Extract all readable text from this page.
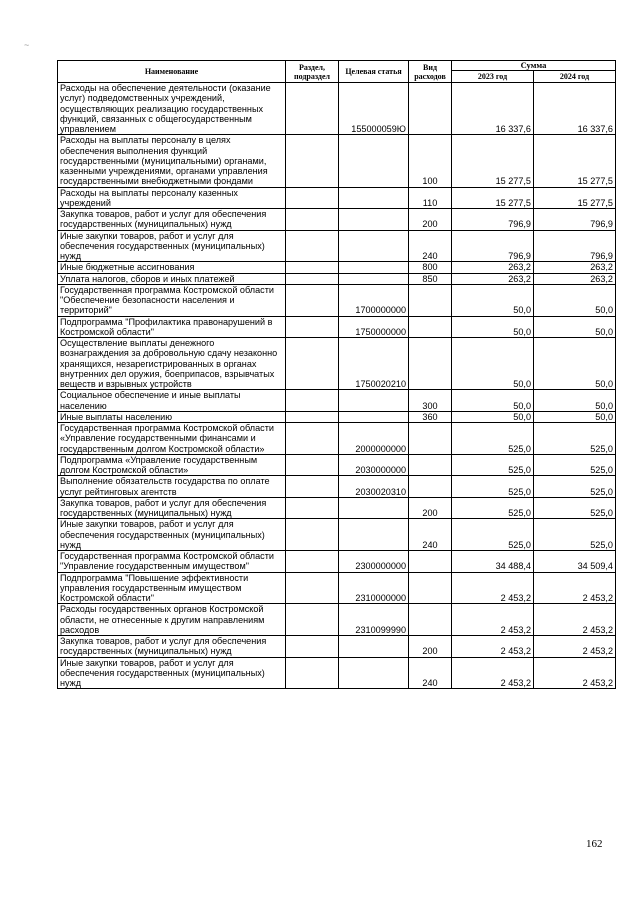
~
Наименование	Раздел, подраздел	Целевая статья	Вид расходов	Сумма	
				2023 год	2024 год
Расходы на обеспечение деятельности (оказание услуг) подведомственных учреждений, осуществляющих реализацию государственных функций, связанных с общегосударственным управлением		155000059Ю		16 337,6	16 337,6
Расходы на выплаты персоналу в целях обеспечения выполнения функций государственными (муниципальными) органами, казенными учреждениями, органами управления государственными внебюджетными фондами			100	15 277,5	15 277,5
Расходы на выплаты персоналу казенных учреждений			110	15 277,5	15 277,5
Закупка товаров, работ и услуг для обеспечения государственных (муниципальных) нужд			200	796,9	796,9
Иные закупки товаров, работ и услуг для обеспечения государственных (муниципальных) нужд			240	796,9	796,9
Иные бюджетные ассигнования			800	263,2	263,2
Уплата налогов, сборов и иных платежей			850	263,2	263,2
Государственная программа Костромской области "Обеспечение безопасности населения и территорий"		1700000000		50,0	50,0
Подпрограмма "Профилактика правонарушений в Костромской области"		1750000000		50,0	50,0
Осуществление выплаты денежного вознаграждения за добровольную сдачу незаконно хранящихся, незарегистрированных в органах внутренних дел оружия, боеприпасов, взрывчатых веществ и взрывных устройств		1750020210		50,0	50,0
Социальное обеспечение и иные выплаты населению			300	50,0	50,0
Иные выплаты населению			360	50,0	50,0
Государственная программа Костромской области «Управление государственными финансами и государственным долгом Костромской области»		2000000000		525,0	525,0
Подпрограмма «Управление государственным долгом Костромской области»		2030000000		525,0	525,0
Выполнение обязательств государства по оплате услуг рейтинговых агентств		2030020310		525,0	525,0
Закупка товаров, работ и услуг для обеспечения государственных (муниципальных) нужд			200	525,0	525,0
Иные закупки товаров, работ и услуг для обеспечения государственных (муниципальных) нужд			240	525,0	525,0
Государственная программа Костромской области "Управление государственным имуществом"		2300000000		34 488,4	34 509,4
Подпрограмма "Повышение эффективности управления государственным имуществом Костромской области"		2310000000		2 453,2	2 453,2
Расходы государственных органов Костромской области, не отнесенные к другим направлениям расходов		2310099990		2 453,2	2 453,2
Закупка товаров, работ и услуг для обеспечения государственных (муниципальных) нужд			200	2 453,2	2 453,2
Иные закупки товаров, работ и услуг для обеспечения государственных (муниципальных) нужд			240	2 453,2	2 453,2
162
